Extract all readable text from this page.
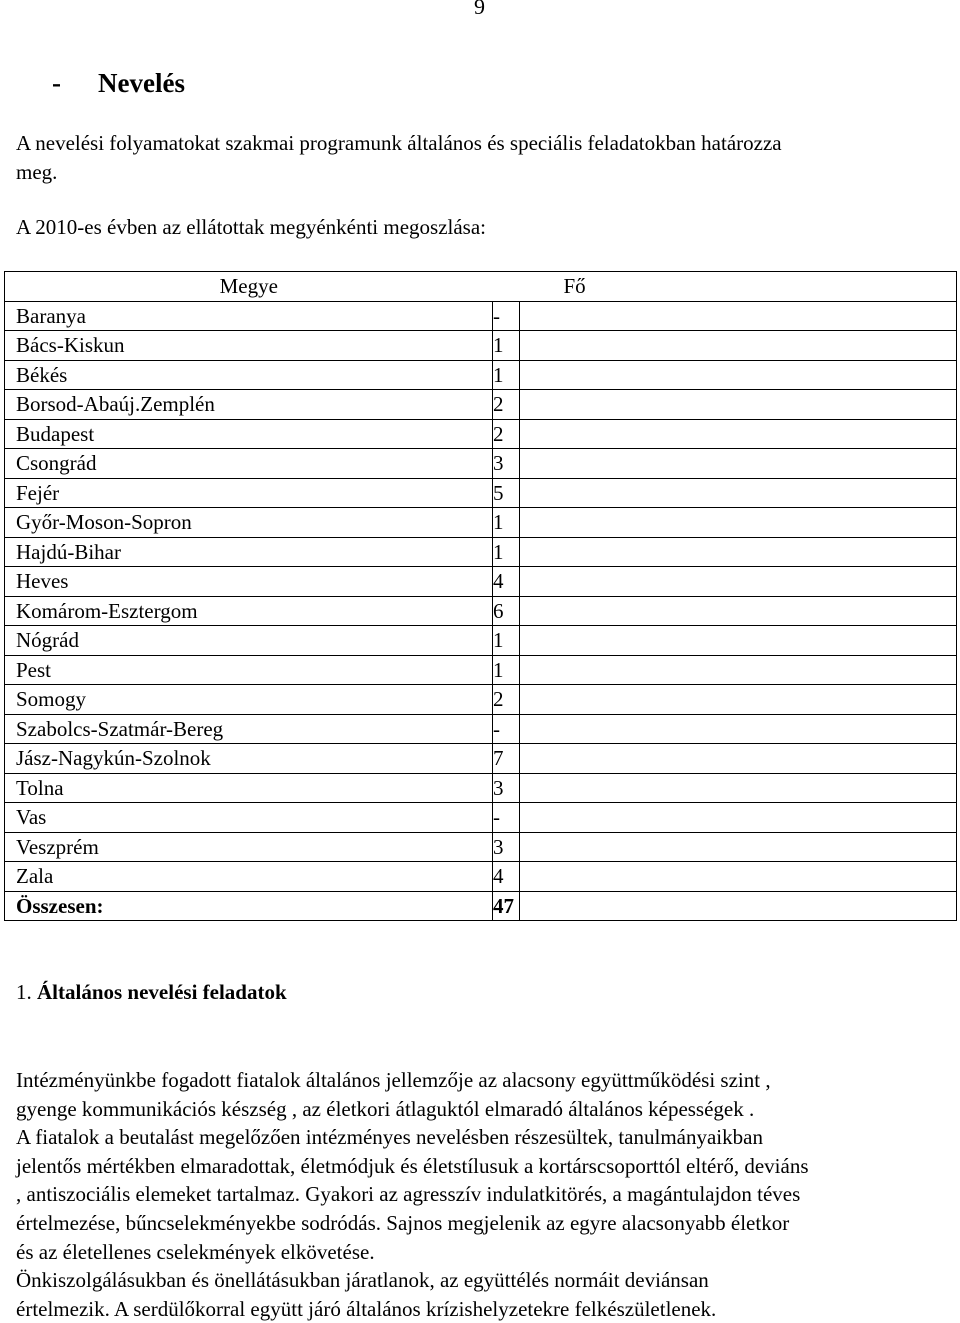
9
- Nevelés
A nevelési folyamatokat szakmai programunk általános és speciális feladatokban határozza
meg.
A 2010-es évben az ellátottak megyénkénti megoszlása:
Megye		Fő
Baranya	-	
Bács-Kiskun	1	
Békés	1	
Borsod-Abaúj.Zemplén	2	
Budapest	2	
Csongrád	3	
Fejér	5	
Győr-Moson-Sopron	1	
Hajdú-Bihar	1	
Heves	4	
Komárom-Esztergom	6	
Nógrád	1	
Pest	1	
Somogy	2	
Szabolcs-Szatmár-Bereg	-	
Jász-Nagykún-Szolnok	7	
Tolna	3	
Vas	-	
Veszprém	3	
Zala	4	
Összesen:	47	
1. Általános nevelési feladatok
Intézményünkbe fogadott fiatalok általános jellemzője az alacsony együttműködési szint ,
gyenge kommunikációs készség , az életkori átlaguktól elmaradó általános képességek .
A fiatalok a beutalást megelőzően intézményes nevelésben részesültek, tanulmányaikban
jelentős mértékben elmaradottak, életmódjuk és életstílusuk a kortárscsoporttól eltérő, deviáns
, antiszociális elemeket tartalmaz. Gyakori az agresszív indulatkitörés, a magántulajdon téves
értelmezése, bűncselekményekbe sodródás. Sajnos megjelenik az egyre alacsonyabb életkor
és az életellenes cselekmények elkövetése.
Önkiszolgálásukban és önellátásukban járatlanok, az együttélés normáit deviánsan
értelmezik. A serdülőkorral együtt járó általános krízishelyzetekre felkészületlenek.
